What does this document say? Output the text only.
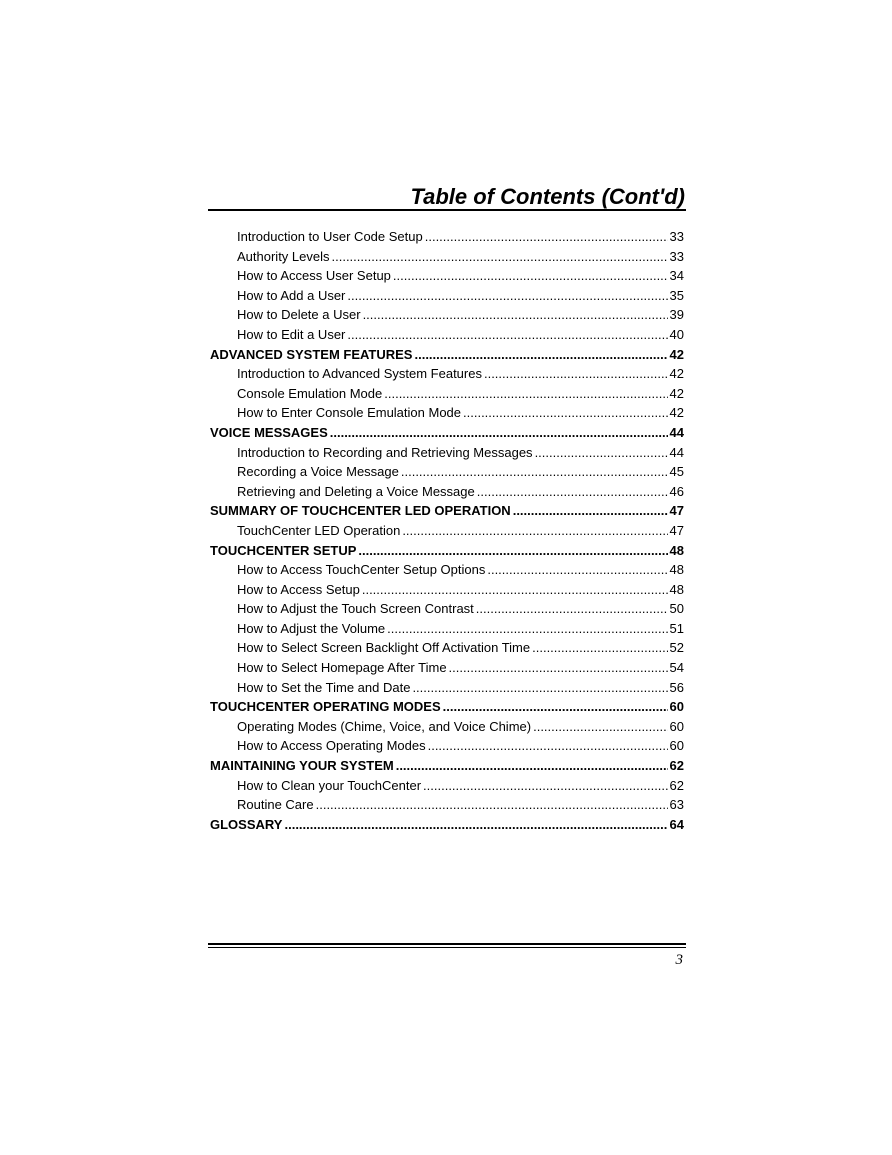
Table of Contents (Cont'd)
Introduction to User Code Setup .....	33
Authority Levels .....	33
How to Access User Setup .....	34
How to Add a User .....	35
How to Delete a User .....	39
How to Edit a User .....	40
ADVANCED SYSTEM FEATURES .....	42
Introduction to Advanced System Features .....	42
Console Emulation Mode .....	42
How to Enter Console Emulation Mode .....	42
VOICE MESSAGES .....	44
Introduction to Recording and Retrieving Messages .....	44
Recording a Voice Message .....	45
Retrieving and Deleting a Voice Message .....	46
SUMMARY OF TOUCHCENTER LED OPERATION .....	47
TouchCenter LED Operation .....	47
TOUCHCENTER SETUP .....	48
How to Access TouchCenter Setup Options .....	48
How to Access Setup .....	48
How to Adjust the Touch Screen Contrast .....	50
How to Adjust the Volume .....	51
How to Select Screen Backlight Off Activation Time .....	52
How to Select Homepage After Time .....	54
How to Set the Time and Date .....	56
TOUCHCENTER OPERATING MODES .....	60
Operating Modes (Chime, Voice, and Voice Chime) .....	60
How to Access Operating Modes .....	60
MAINTAINING YOUR SYSTEM .....	62
How to Clean your TouchCenter .....	62
Routine Care .....	63
GLOSSARY .....	64
3
